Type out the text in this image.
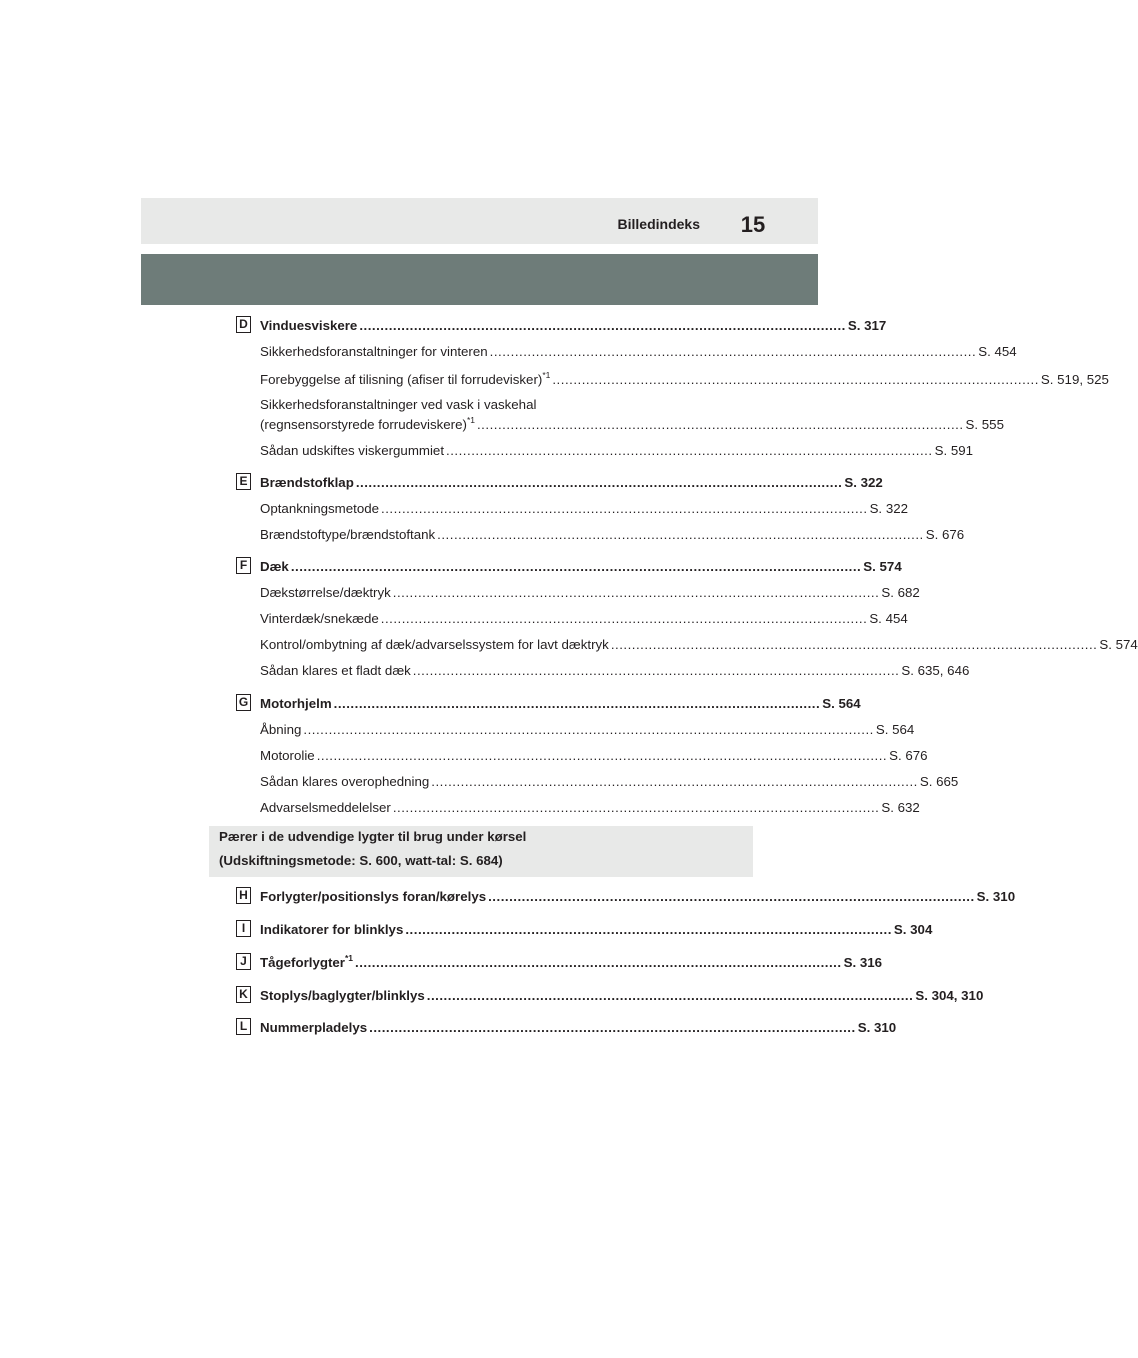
Billedindeks	15
D Vinduesviskere .................................................................................................................... S. 317
Sikkerhedsforanstaltninger for vinteren .................................................................................................................... S. 454
Forebyggelse af tilisning (afiser til forrudevisker)$^{*1}$ .................................................................................................................... S. 519, 525
Sikkerhedsforanstaltninger ved vask i vaskehal
(regnsensorstyrede forrudeviskere)$^{*1}$ .................................................................................................................... S. 555
Sådan udskiftes viskergummiet .................................................................................................................... S. 591
E Brændstofklap .................................................................................................................... S. 322
Optankningsmetode .................................................................................................................... S. 322
Brændstoftype/brændstoftank .................................................................................................................... S. 676
F Dæk ........................................................................................................................................ S. 574
Dækstørrelse/dæktryk .................................................................................................................... S. 682
Vinterdæk/snekæde .................................................................................................................... S. 454
Kontrol/ombytning af dæk/advarselssystem for lavt dæktryk .................................................................................................................... S. 574
Sådan klares et fladt dæk .................................................................................................................... S. 635, 646
G Motorhjelm .................................................................................................................... S. 564
Åbning ........................................................................................................................................ S. 564
Motorolie ........................................................................................................................................ S. 676
Sådan klares overophedning .................................................................................................................... S. 665
Advarselsmeddelelser .................................................................................................................... S. 632
Pærer i de udvendige lygter til brug under kørsel
(Udskiftningsmetode: S. 600, watt-tal: S. 684)
H Forlygter/positionslys foran/kørelys .................................................................................................................... S. 310
I	Indikatorer for blinklys .................................................................................................................... S. 304
J Tågeforlygter$^{*1}$ .................................................................................................................... S. 316
K Stoplys/baglygter/blinklys .................................................................................................................... S. 304, 310
L Nummerpladelys .................................................................................................................... S. 310
